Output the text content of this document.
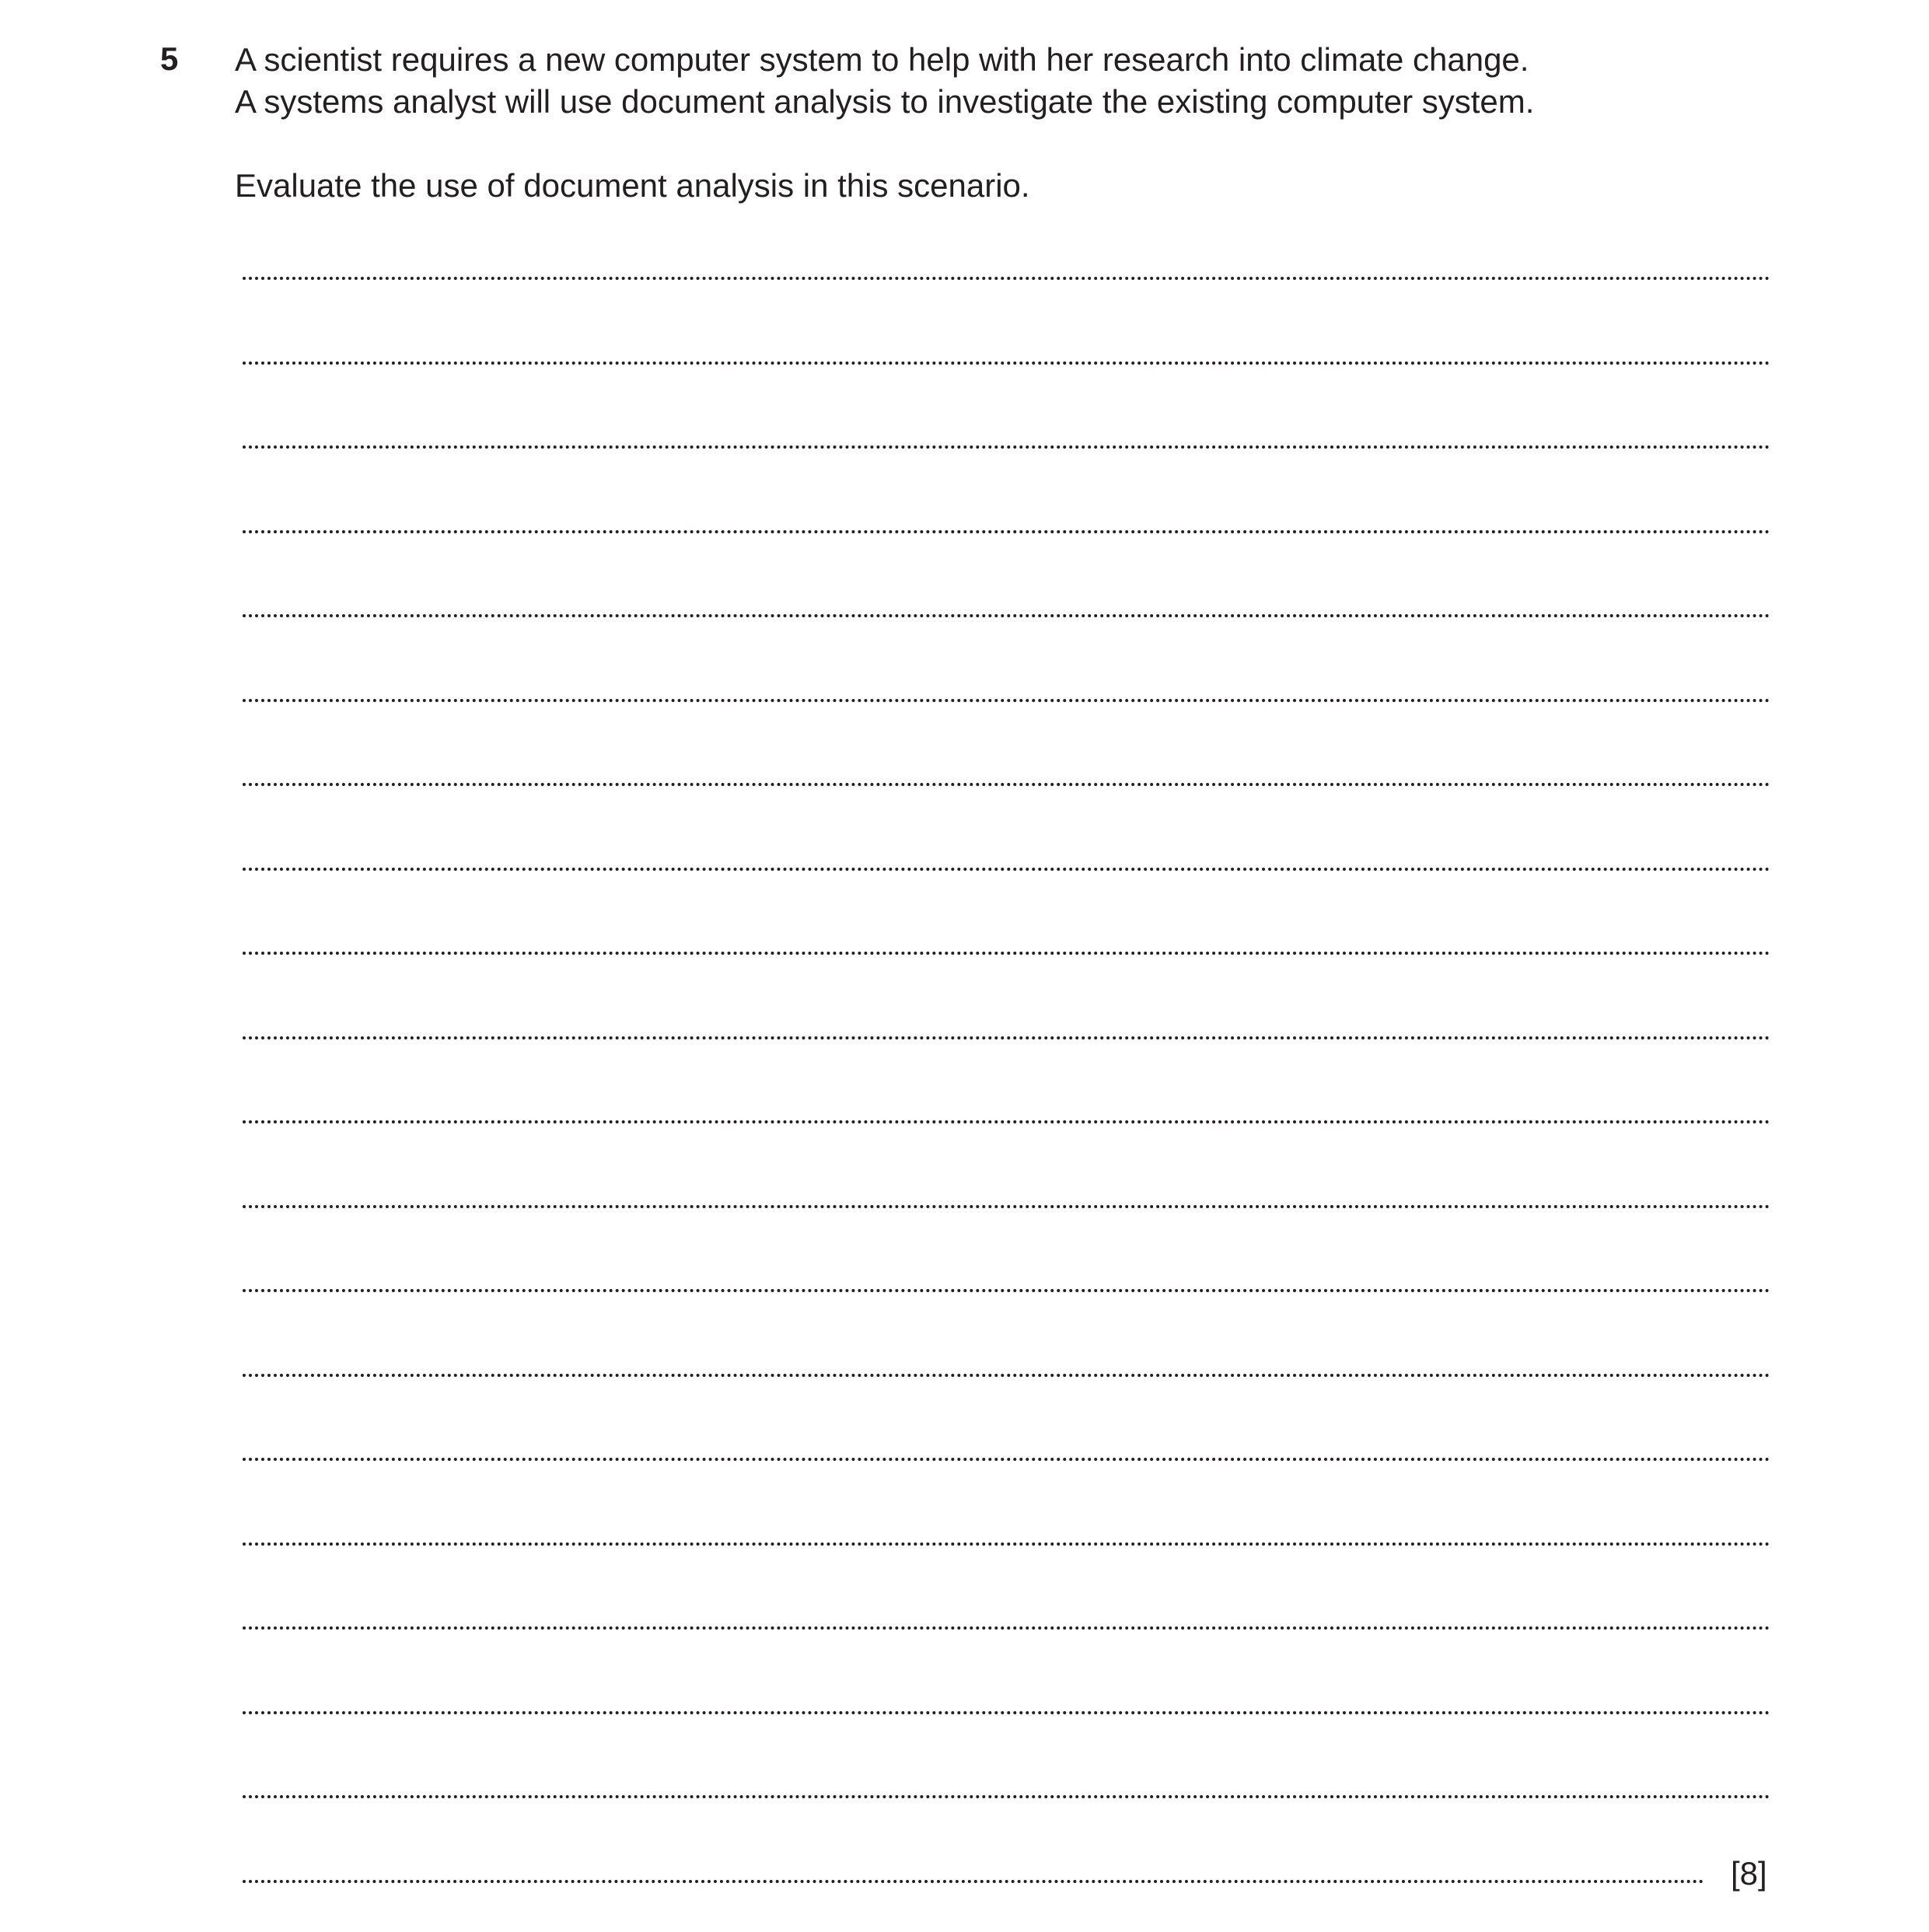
5 A scientist requires a new computer system to help with her research into climate change.
A systems analyst will use document analysis to investigate the existing computer system.
Evaluate the use of document analysis in this scenario.
[8]
